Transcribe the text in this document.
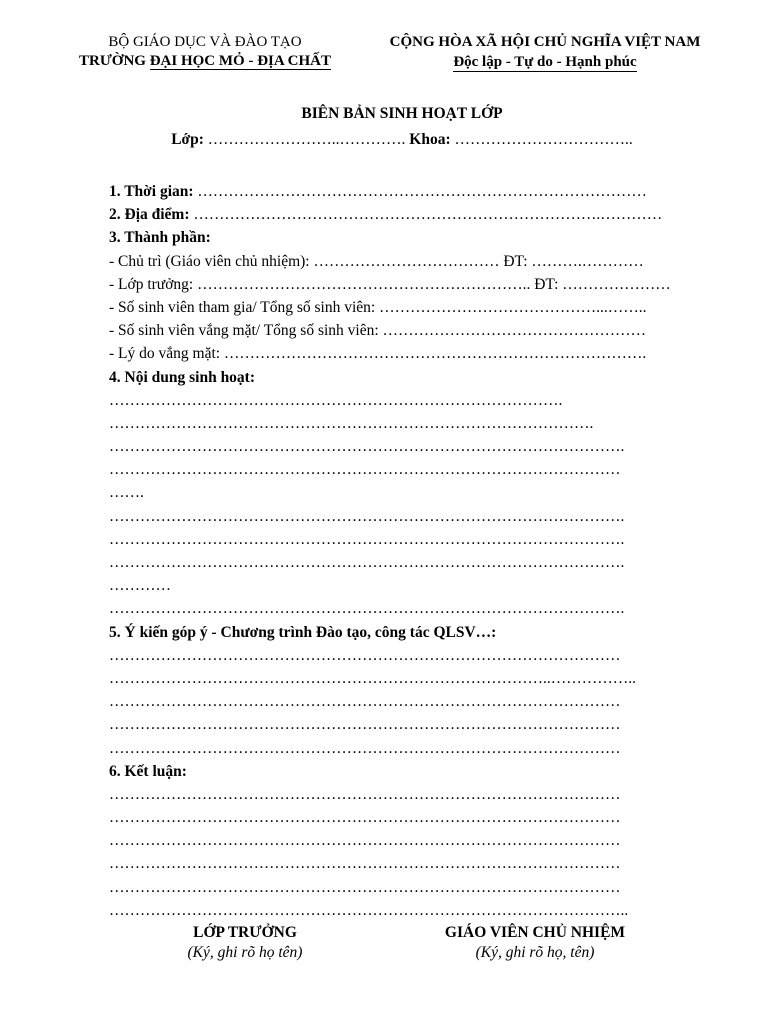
BỘ GIÁO DỤC VÀ ĐÀO TẠO
TRƯỜNG ĐẠI HỌC MỎ - ĐỊA CHẤT
CỘNG HÒA XÃ HỘI CHỦ NGHĨA VIỆT NAM
Độc lập - Tự do - Hạnh phúc
BIÊN BẢN SINH HOẠT LỚP
Lớp: ……………………..…………. Khoa: ……………………………..
1. Thời gian: ……………………………………………………………………………
2. Địa điểm: …………………………………………………………………….…………
3. Thành phần:
- Chủ trì (Giáo viên chủ nhiệm): ……………………………… ĐT: ……….…………
- Lớp trưởng: ……………………………………………………….. ĐT: …………………
- Số sinh viên tham gia/ Tổng số sinh viên: ……………………………………...……..
- Số sinh viên vắng mặt/ Tổng số sinh viên: ……………………………………………
- Lý do vắng mặt: ……………………………………………………………………….
4. Nội dung sinh hoạt:
…………………………………………………………………………….
………………………………………………………………………………….
……………………………………………………………………………………….
………………………………………………………………………………………
…….
……………………………………………………………………………………….
……………………………………………………………………………………….
……………………………………………………………………………………….
…………
……………………………………………………………………………………….
5. Ý kiến góp ý - Chương trình Đào tạo, công tác QLSV…:
………………………………………………………………………………………
…………………………………………………………………………..……………..
………………………………………………………………………………………
………………………………………………………………………………………
………………………………………………………………………………………
6. Kết luận:
………………………………………………………………………………………
………………………………………………………………………………………
………………………………………………………………………………………
………………………………………………………………………………………
………………………………………………………………………………………
………………………………………………………………………………………..
LỚP TRƯỞNG
(Ký, ghi rõ họ tên)
GIÁO VIÊN CHỦ NHIỆM
(Ký, ghi rõ họ, tên)
